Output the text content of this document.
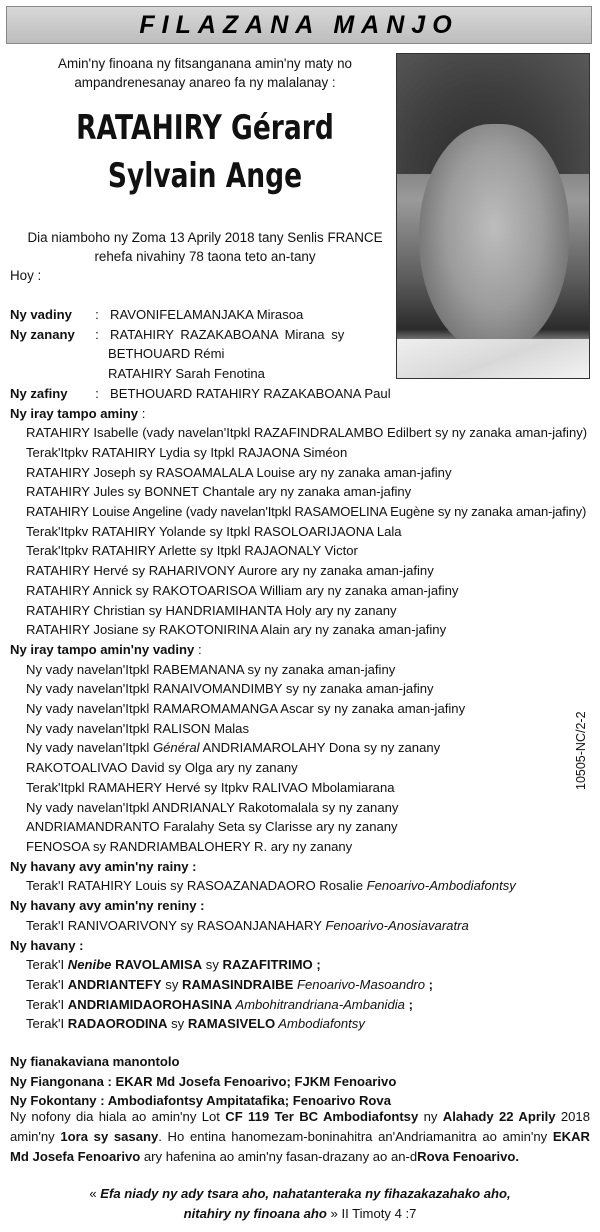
FILAZANA MANJO
Amin'ny finoana ny fitsanganana amin'ny maty no
ampandrenesanay anareo fa ny malalanay :
RATAHIRY Gérard
Sylvain Ange
Dia niamboho ny Zoma 13 Aprily 2018 tany Senlis FRANCE
rehefa nivahiny 78 taona teto an-tany
Hoy :
Ny vadiny	: RAVONIFELAMANJAKA Mirasoa
Ny zanany	: RATAHIRY RAZAKABOANA Mirana sy
BETHOUARD Rémi
RATAHIRY Sarah Fenotina
Ny zafiny	: BETHOUARD RATAHIRY RAZAKABOANA Paul
Ny iray tampo aminy :
RATAHIRY Isabelle (vady navelan'Itpkl RAZAFINDRALAMBO Edilbert sy ny zanaka aman-jafiny)
Terak'Itpkv RATAHIRY Lydia sy Itpkl RAJAONA Siméon
RATAHIRY Joseph sy RASOAMALALA Louise ary ny zanaka aman-jafiny
RATAHIRY Jules sy BONNET Chantale ary ny zanaka aman-jafiny
RATAHIRY Louise Angeline (vady navelan'Itpkl RASAMOELINA Eugène sy ny zanaka aman-jafiny)
Terak'Itpkv RATAHIRY Yolande sy Itpkl RASOLOARIJAONA Lala
Terak'Itpkv RATAHIRY Arlette sy Itpkl RAJAONALY Victor
RATAHIRY Hervé sy RAHARIVONY Aurore ary ny zanaka aman-jafiny
RATAHIRY Annick sy RAKOTOARISOA William ary ny zanaka aman-jafiny
RATAHIRY Christian sy HANDRIAMIHANTA Holy ary ny zanany
RATAHIRY Josiane sy RAKOTONIRINA Alain ary ny zanaka aman-jafiny
Ny iray tampo amin'ny vadiny :
Ny vady navelan'Itpkl RABEMANANA sy ny zanaka aman-jafiny
Ny vady navelan'Itpkl RANAIVOMANDIMBY sy ny zanaka aman-jafiny
Ny vady navelan'Itpkl RAMAROMAMANGA Ascar sy ny zanaka aman-jafiny
Ny vady navelan'Itpkl RALISON Malas
Ny vady navelan'Itpkl Général ANDRIAMAROLAHY Dona sy ny zanany
RAKOTOALIVAO David sy Olga ary ny zanany
Terak'Itpkl RAMAHERY Hervé sy Itpkv RALIVAO Mbolamiarana
Ny vady navelan'Itpkl ANDRIANALY Rakotomalala sy ny zanany
ANDRIAMANDRANTO Faralahy Seta sy Clarisse ary ny zanany
FENOSOA sy RANDRIAMBALOHERY R. ary ny zanany
Ny havany avy amin'ny rainy :
Terak'I RATAHIRY Louis sy RASOAZANADAORO Rosalie Fenoarivo-Ambodiafontsy
Ny havany avy amin'ny reniny :
Terak'I RANIVOARIVONY sy RASOANJANAHARY Fenoarivo-Anosiavaratra
Ny havany :
Terak'I Nenibe RAVOLAMISA sy RAZAFITRIMO ;
Terak'I ANDRIANTEFY sy RAMASINDRAIBE Fenoarivo-Masoandro ;
Terak'I ANDRIAMIDAOROHASINA Ambohitrandriana-Ambanidia ;
Terak'I RADAORODINA sy RAMASIVELO Ambodiafontsy
Ny fianakaviana manontolo
Ny Fiangonana : EKAR Md Josefa Fenoarivo; FJKM Fenoarivo
Ny Fokontany : Ambodiafontsy Ampitatafika; Fenoarivo Rova
10505-NC/2-2
Ny nofony dia hiala ao amin'ny Lot CF 119 Ter BC Ambodiafontsy ny Alahady 22 Aprily 2018 amin'ny 1ora sy sasany. Ho entina hanomezam-boninahitra an'Andriamanitra ao amin'ny EKAR Md Josefa Fenoarivo ary hafenina ao amin'ny fasan-drazany ao an-dRova Fenoarivo.
« Efa niady ny ady tsara aho, nahatanteraka ny fihazakazahako aho,
nitahiry ny finoana aho » II Timoty 4 :7
